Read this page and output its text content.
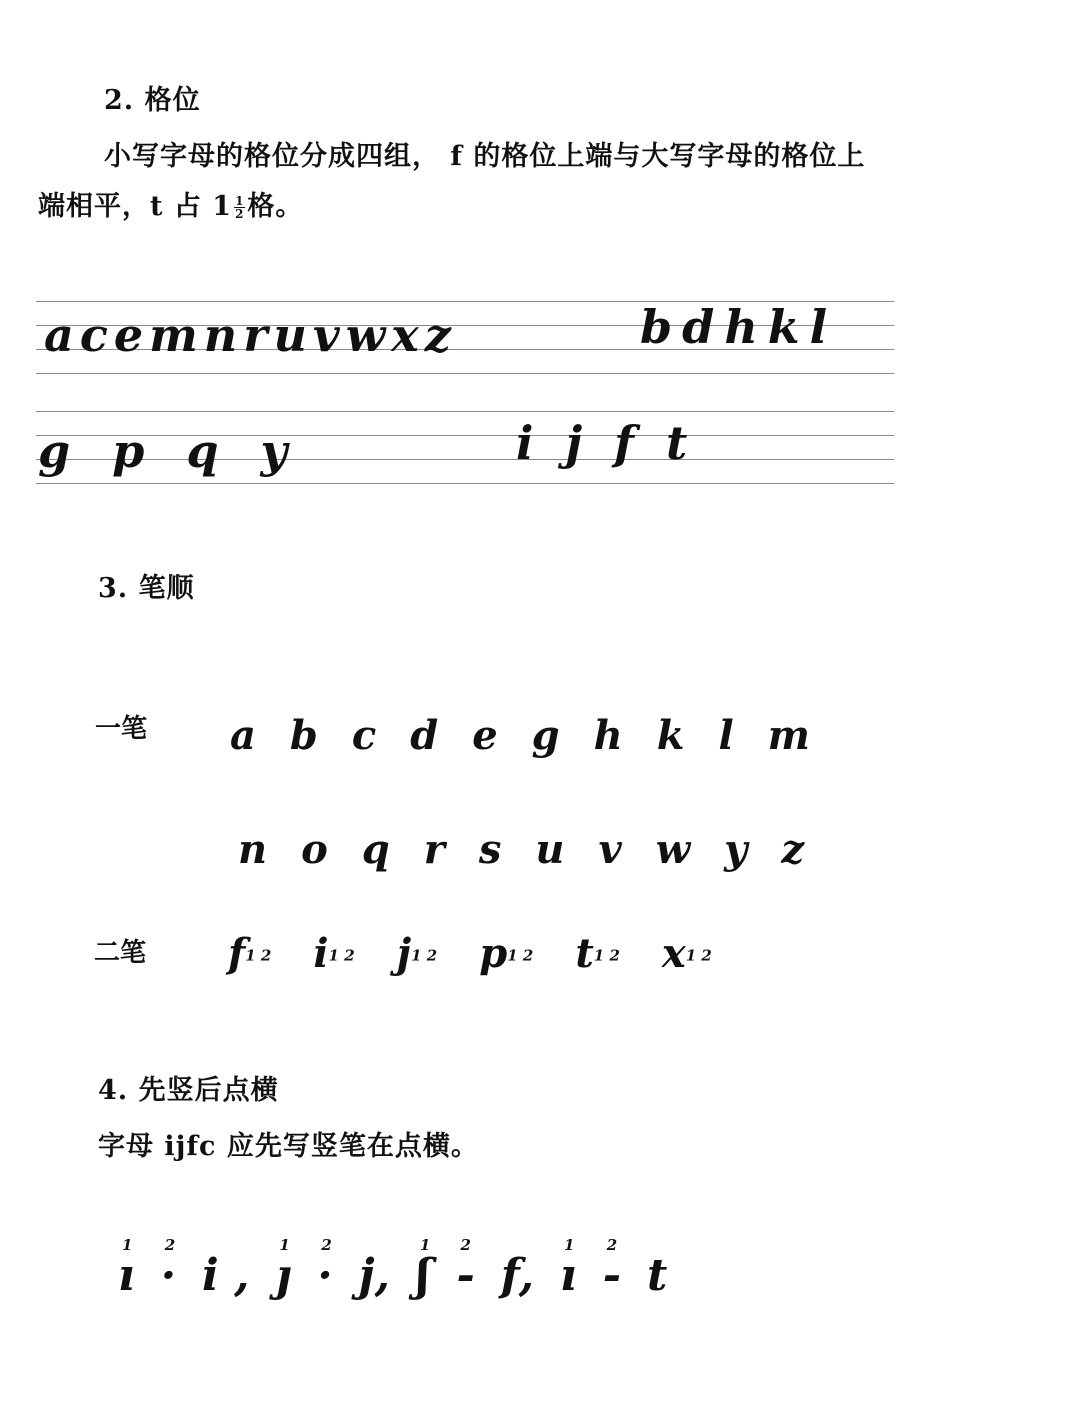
2. 格位
小写字母的格位分成四组， f 的格位上端与大写字母的格位上
端相平，t 占 $1 \frac{1}{2}$ 格。
acemnruvwxz	bdhkl
gpqy	ijft
3. 笔顺
一笔 abcdeghklm
noqrsuvwyz
二笔 f1 2 i1 2 j1 2 p1 2 t1 2 x1 2
4. 先竖后点横
字母 ijfc 应先写竖笔在点横。
1
ı
2
· i ,
1
ȷ
2
· j,
1
ʃ
2
- f,
1
ı
2
- t
